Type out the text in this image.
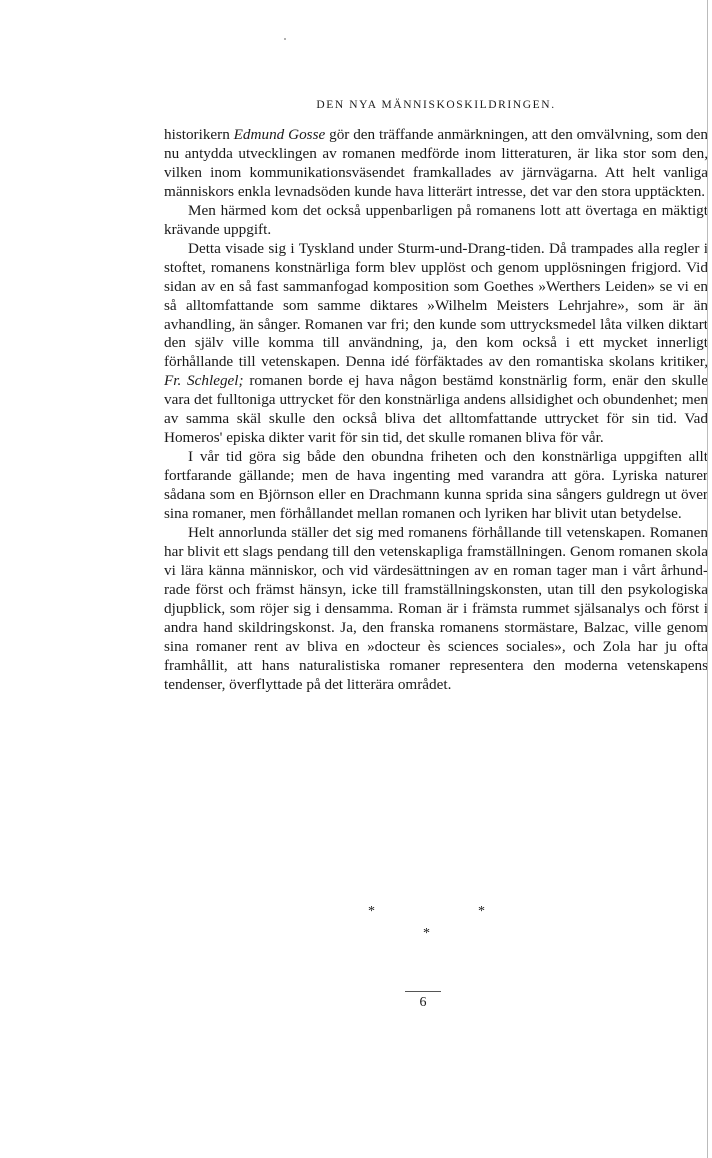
DEN NYA MÄNNISKOSKILDRINGEN.

historikern Edmund Gosse gör den träffande anmärkningen, att den omvälvning, som den nu antydda utvecklingen av romanen medförde inom litteraturen, är lika stor som den, vilken inom kommunikationsväsendet framkallades av järnvägarna. Att helt vanliga människors enkla levnadsöden kunde hava litterärt intresse, det var den stora upptäckten.

Men härmed kom det också uppenbarligen på romanens lott att övertaga en mäktigt krävande uppgift.

Detta visade sig i Tyskland under Sturm-und-Drang-tiden. Då trampades alla regler i stoftet, romanens konstnärliga form blev upplöst och genom upplösningen frigjord. Vid sidan av en så fast sammanfogad komposition som Goethes »Werthers Leiden» se vi en så alltomfattande som samme diktares »Wilhelm Meisters Lehrjahre», som är än avhandling, än sånger. Romanen var fri; den kunde som uttrycksmedel låta vilken diktart den själv ville komma till användning, ja, den kom också i ett mycket innerligt förhållande till vetenskapen. Denna idé förfäktades av den romantiska skolans kritiker, Fr. Schlegel; romanen borde ej hava någon bestämd konstnärlig form, enär den skulle vara det fulltoniga uttrycket för den konstnärliga andens allsidighet och obundenhet; men av samma skäl skulle den också bliva det alltomfattande uttrycket för sin tid. Vad Homeros' episka dikter varit för sin tid, det skulle romanen bliva för vår.

I vår tid göra sig både den obundna friheten och den konstnärliga uppgiften allt fortfarande gällande; men de hava ingenting med varandra att göra. Lyriska naturer sådana som en Björnson eller en Drachmann kunna sprida sina sångers guldregn ut över sina romaner, men förhållandet mellan romanen och lyriken har blivit utan betydelse.

Helt annorlunda ställer det sig med romanens förhållande till vetenskapen. Romanen har blivit ett slags pendang till den vetenskapliga framställningen. Genom romanen skola vi lära känna människor, och vid värdesättningen av en roman tager man i vårt århundrade först och främst hänsyn, icke till framställningskonsten, utan till den psykologiska djupblick, som röjer sig i densamma. Roman är i främsta rummet själsanalys och först i andra hand skildringskonst. Ja, den franska romanens stormästare, Balzac, ville genom sina romaner rent av bliva en »docteur ès sciences sociales», och Zola har ju ofta framhållit, att hans naturalistiska romaner representera den moderna vetenskapens tendenser, överflyttade på det litterära området.

*	*
*

6
